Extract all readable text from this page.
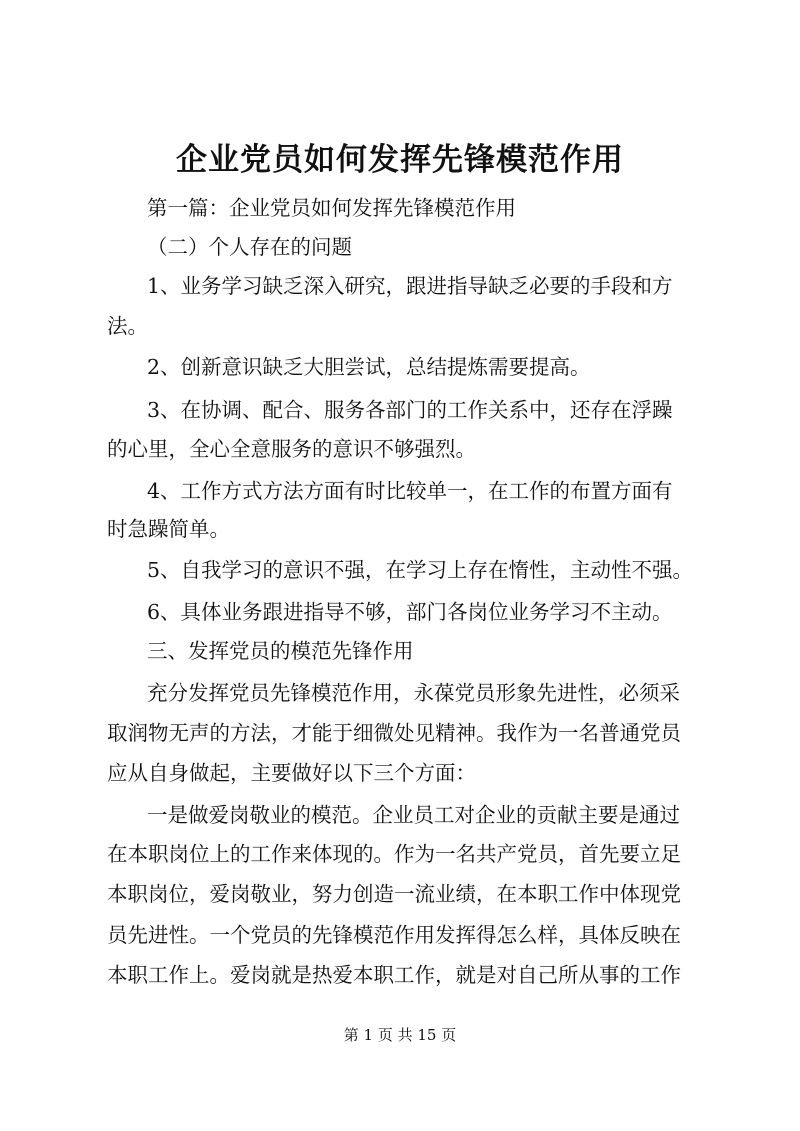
企业党员如何发挥先锋模范作用
第一篇：企业党员如何发挥先锋模范作用
（二）个人存在的问题
1、业务学习缺乏深入研究，跟进指导缺乏必要的手段和方
法。
2、创新意识缺乏大胆尝试，总结提炼需要提高。
3、在协调、配合、服务各部门的工作关系中，还存在浮躁
的心里，全心全意服务的意识不够强烈。
4、工作方式方法方面有时比较单一，在工作的布置方面有
时急躁简单。
5、自我学习的意识不强，在学习上存在惰性，主动性不强。
6、具体业务跟进指导不够，部门各岗位业务学习不主动。
三、发挥党员的模范先锋作用
充分发挥党员先锋模范作用，永葆党员形象先进性，必须采
取润物无声的方法，才能于细微处见精神。我作为一名普通党员
应从自身做起，主要做好以下三个方面：
一是做爱岗敬业的模范。企业员工对企业的贡献主要是通过
在本职岗位上的工作来体现的。作为一名共产党员，首先要立足
本职岗位，爱岗敬业，努力创造一流业绩，在本职工作中体现党
员先进性。一个党员的先锋模范作用发挥得怎么样，具体反映在
本职工作上。爱岗就是热爱本职工作，就是对自己所从事的工作
第 1 页 共 15 页
